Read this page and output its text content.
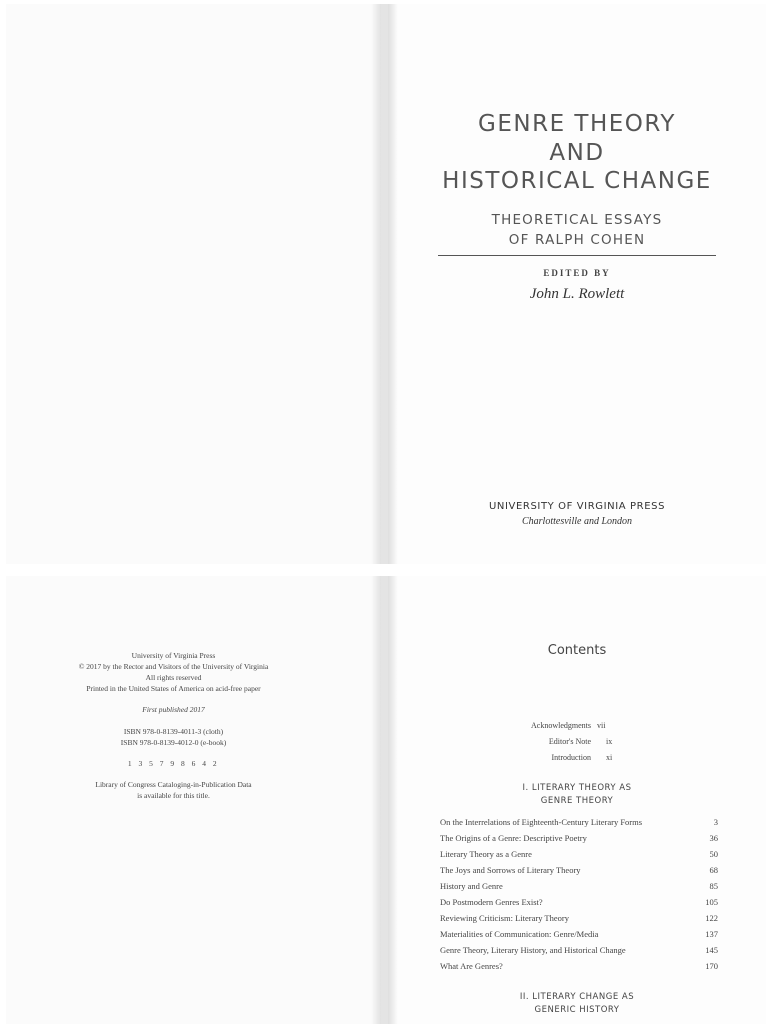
GENRE THEORY
AND
HISTORICAL CHANGE
THEORETICAL ESSAYS
OF RALPH COHEN
EDITED BY
John L. Rowlett
UNIVERSITY OF VIRGINIA PRESS
Charlottesville and London
University of Virginia Press
© 2017 by the Rector and Visitors of the University of Virginia
All rights reserved
Printed in the United States of America on acid-free paper
First published 2017
ISBN 978-0-8139-4011-3 (cloth)
ISBN 978-0-8139-4012-0 (e-book)
1 3 5 7 9 8 6 4 2
Library of Congress Cataloging-in-Publication Data
is available for this title.
Contents
Acknowledgments vii
Editor's Note ix
Introduction xi
I. LITERARY THEORY AS
GENRE THEORY
On the Interrelations of Eighteenth-Century Literary Forms	3
The Origins of a Genre: Descriptive Poetry	36
Literary Theory as a Genre	50
The Joys and Sorrows of Literary Theory	68
History and Genre	85
Do Postmodern Genres Exist?	105
Reviewing Criticism: Literary Theory	122
Materialities of Communication: Genre/Media	137
Genre Theory, Literary History, and Historical Change	145
What Are Genres?	170
II. LITERARY CHANGE AS
GENERIC HISTORY
